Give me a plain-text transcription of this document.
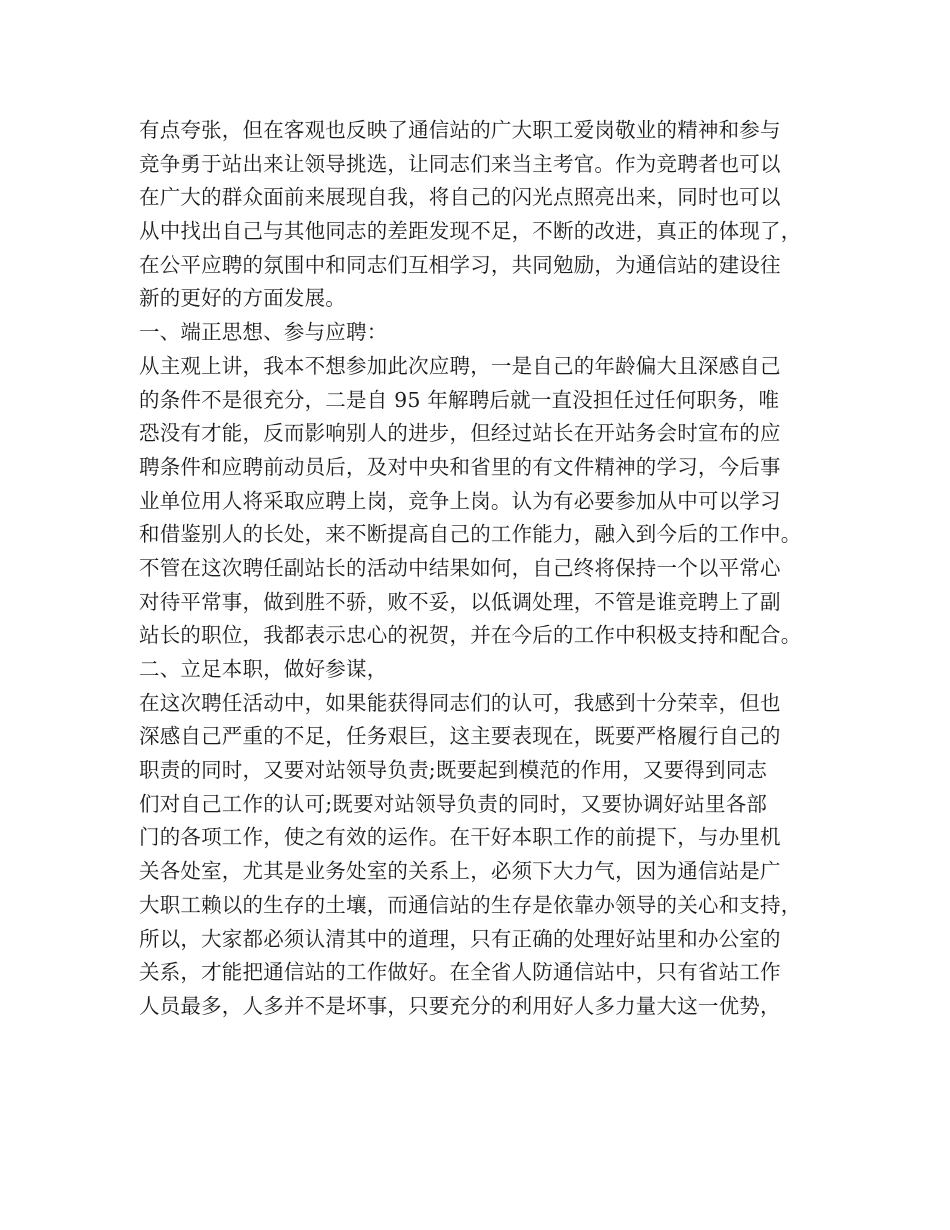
有点夸张，但在客观也反映了通信站的广大职工爱岗敬业的精神和参与
竞争勇于站出来让领导挑选，让同志们来当主考官。作为竞聘者也可以
在广大的群众面前来展现自我，将自己的闪光点照亮出来，同时也可以
从中找出自己与其他同志的差距发现不足，不断的改进，真正的体现了，
在公平应聘的氛围中和同志们互相学习，共同勉励，为通信站的建设往
新的更好的方面发展。
一、端正思想、参与应聘：
从主观上讲，我本不想参加此次应聘，一是自己的年龄偏大且深感自己
的条件不是很充分，二是自 95 年解聘后就一直没担任过任何职务，唯
恐没有才能，反而影响别人的进步，但经过站长在开站务会时宣布的应
聘条件和应聘前动员后，及对中央和省里的有文件精神的学习，今后事
业单位用人将采取应聘上岗，竞争上岗。认为有必要参加从中可以学习
和借鉴别人的长处，来不断提高自己的工作能力，融入到今后的工作中。
不管在这次聘任副站长的活动中结果如何，自己终将保持一个以平常心
对待平常事，做到胜不骄，败不妥，以低调处理，不管是谁竞聘上了副
站长的职位，我都表示忠心的祝贺，并在今后的工作中积极支持和配合。
二、立足本职，做好参谋，
在这次聘任活动中，如果能获得同志们的认可，我感到十分荣幸，但也
深感自己严重的不足，任务艰巨，这主要表现在，既要严格履行自己的
职责的同时，又要对站领导负责;既要起到模范的作用，又要得到同志
们对自己工作的认可;既要对站领导负责的同时，又要协调好站里各部
门的各项工作，使之有效的运作。在干好本职工作的前提下，与办里机
关各处室，尤其是业务处室的关系上，必须下大力气，因为通信站是广
大职工赖以的生存的土壤，而通信站的生存是依靠办领导的关心和支持，
所以，大家都必须认清其中的道理，只有正确的处理好站里和办公室的
关系，才能把通信站的工作做好。在全省人防通信站中，只有省站工作
人员最多，人多并不是坏事，只要充分的利用好人多力量大这一优势，
